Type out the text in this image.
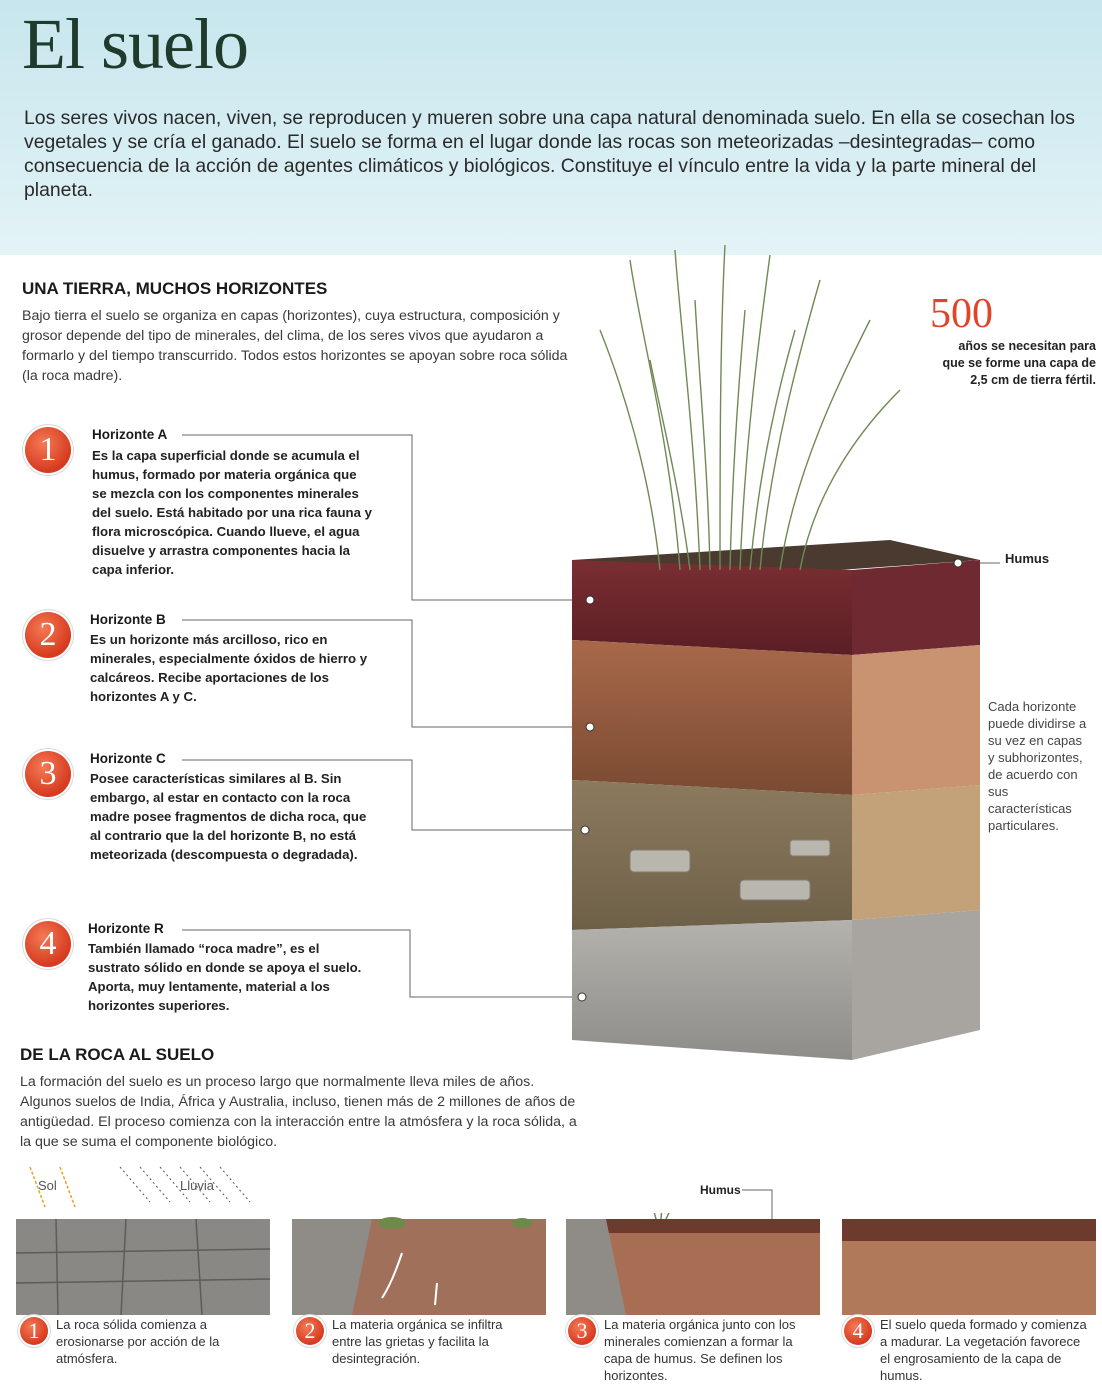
El suelo
Los seres vivos nacen, viven, se reproducen y mueren sobre una capa natural denominada suelo. En ella se cosechan los vegetales y se cría el ganado. El suelo se forma en el lugar donde las rocas son meteorizadas –desintegradas– como consecuencia de la acción de agentes climáticos y biológicos. Constituye el vínculo entre la vida y la parte mineral del planeta.
UNA TIERRA, MUCHOS HORIZONTES
Bajo tierra el suelo se organiza en capas (horizontes), cuya estructura, composición y grosor depende del tipo de minerales, del clima, de los seres vivos que ayudaron a formarlo y del tiempo transcurrido. Todos estos horizontes se apoyan sobre roca sólida (la roca madre).
1	Horizonte A
Es la capa superficial donde se acumula el humus, formado por materia orgánica que se mezcla con los componentes minerales del suelo. Está habitado por una rica fauna y flora microscópica. Cuando llueve, el agua disuelve y arrastra componentes hacia la capa inferior.
2	Horizonte B
Es un horizonte más arcilloso, rico en minerales, especialmente óxidos de hierro y calcáreos. Recibe aportaciones de los horizontes A y C.
3	Horizonte C
Posee características similares al B. Sin embargo, al estar en contacto con la roca madre posee fragmentos de dicha roca, que al contrario que la del horizonte B, no está meteorizada (descompuesta o degradada).
4	Horizonte R
También llamado “roca madre”, es el sustrato sólido en donde se apoya el suelo. Aporta, muy lentamente, material a los horizontes superiores.
500
años se necesitan para que se forme una capa de 2,5 cm de tierra fértil.
Humus
Cada horizonte puede dividirse a su vez en capas y subhorizontes, de acuerdo con sus características particulares.
DE LA ROCA AL SUELO
La formación del suelo es un proceso largo que normalmente lleva miles de años. Algunos suelos de India, África y Australia, incluso, tienen más de 2 millones de años de antigüedad. El proceso comienza con la interacción entre la atmósfera y la roca sólida, a la que se suma el componente biológico.
Sol	Lluvia	Humus
1	La roca sólida comienza a erosionarse por acción de la atmósfera.
2	La materia orgánica se infiltra entre las grietas y facilita la desintegración.
3	La materia orgánica junto con los minerales comienzan a formar la capa de humus. Se definen los horizontes.
4	El suelo queda formado y comienza a madurar. La vegetación favorece el engrosamiento de la capa de humus.
